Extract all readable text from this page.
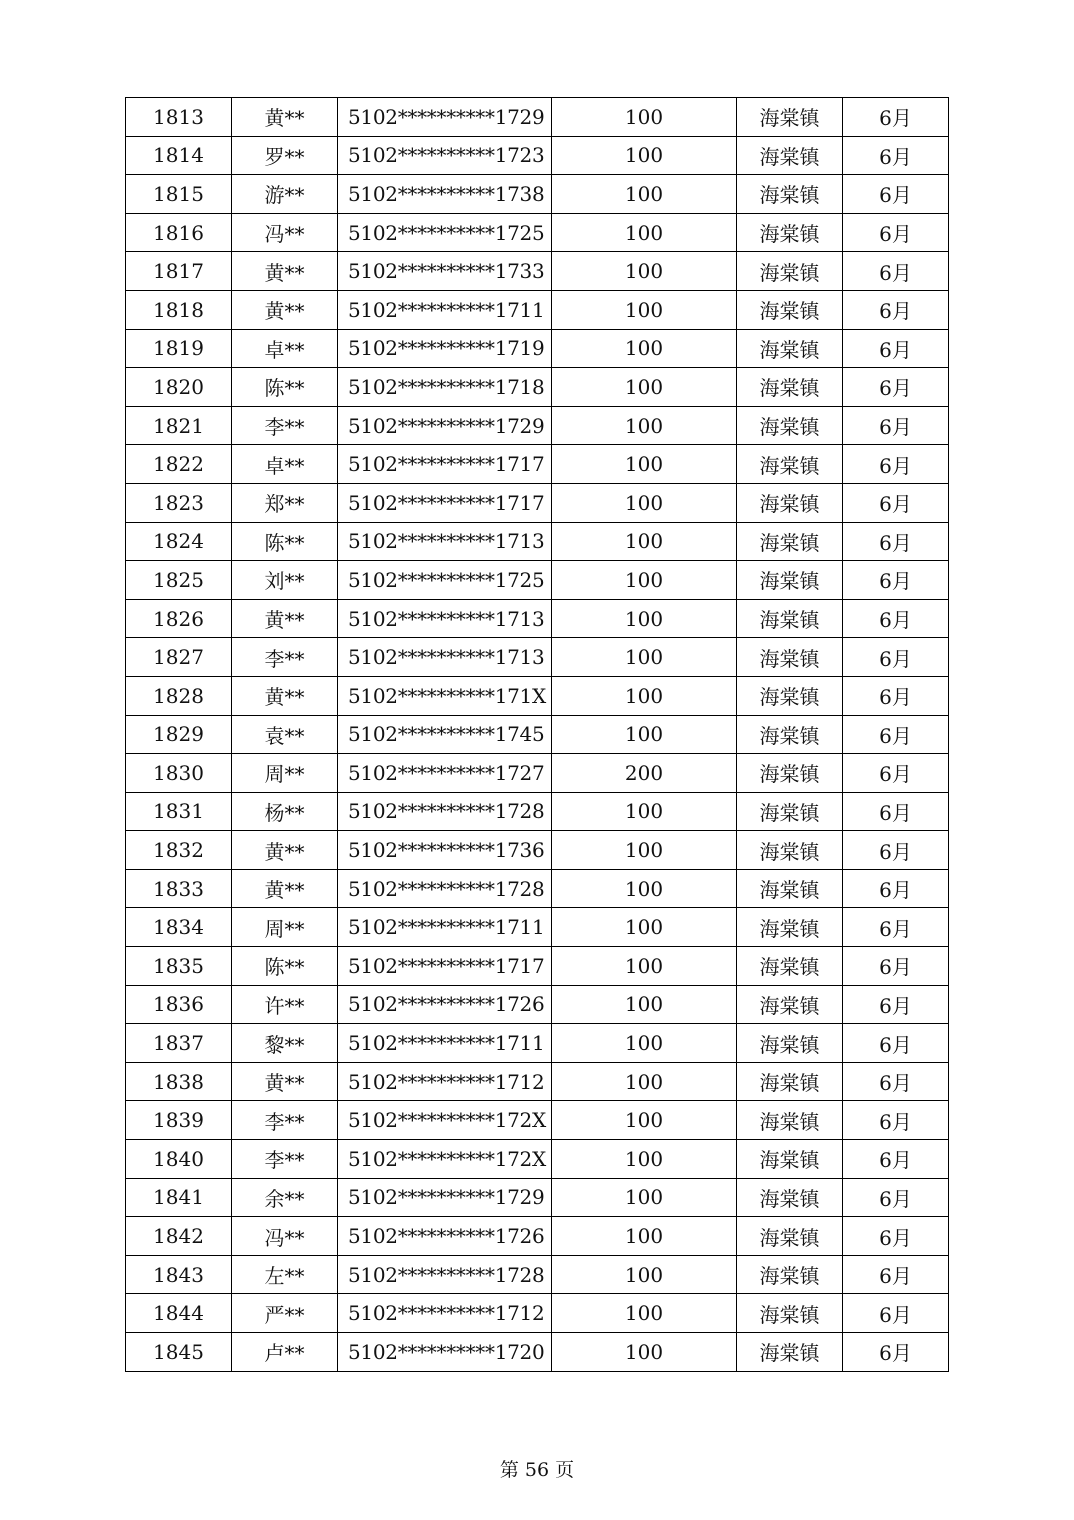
1813	黄**	5102**********1729	100	海棠镇	6月
1814	罗**	5102**********1723	100	海棠镇	6月
1815	游**	5102**********1738	100	海棠镇	6月
1816	冯**	5102**********1725	100	海棠镇	6月
1817	黄**	5102**********1733	100	海棠镇	6月
1818	黄**	5102**********1711	100	海棠镇	6月
1819	卓**	5102**********1719	100	海棠镇	6月
1820	陈**	5102**********1718	100	海棠镇	6月
1821	李**	5102**********1729	100	海棠镇	6月
1822	卓**	5102**********1717	100	海棠镇	6月
1823	郑**	5102**********1717	100	海棠镇	6月
1824	陈**	5102**********1713	100	海棠镇	6月
1825	刘**	5102**********1725	100	海棠镇	6月
1826	黄**	5102**********1713	100	海棠镇	6月
1827	李**	5102**********1713	100	海棠镇	6月
1828	黄**	5102**********171X	100	海棠镇	6月
1829	袁**	5102**********1745	100	海棠镇	6月
1830	周**	5102**********1727	200	海棠镇	6月
1831	杨**	5102**********1728	100	海棠镇	6月
1832	黄**	5102**********1736	100	海棠镇	6月
1833	黄**	5102**********1728	100	海棠镇	6月
1834	周**	5102**********1711	100	海棠镇	6月
1835	陈**	5102**********1717	100	海棠镇	6月
1836	许**	5102**********1726	100	海棠镇	6月
1837	黎**	5102**********1711	100	海棠镇	6月
1838	黄**	5102**********1712	100	海棠镇	6月
1839	李**	5102**********172X	100	海棠镇	6月
1840	李**	5102**********172X	100	海棠镇	6月
1841	余**	5102**********1729	100	海棠镇	6月
1842	冯**	5102**********1726	100	海棠镇	6月
1843	左**	5102**********1728	100	海棠镇	6月
1844	严**	5102**********1712	100	海棠镇	6月
1845	卢**	5102**********1720	100	海棠镇	6月
第 56 页
